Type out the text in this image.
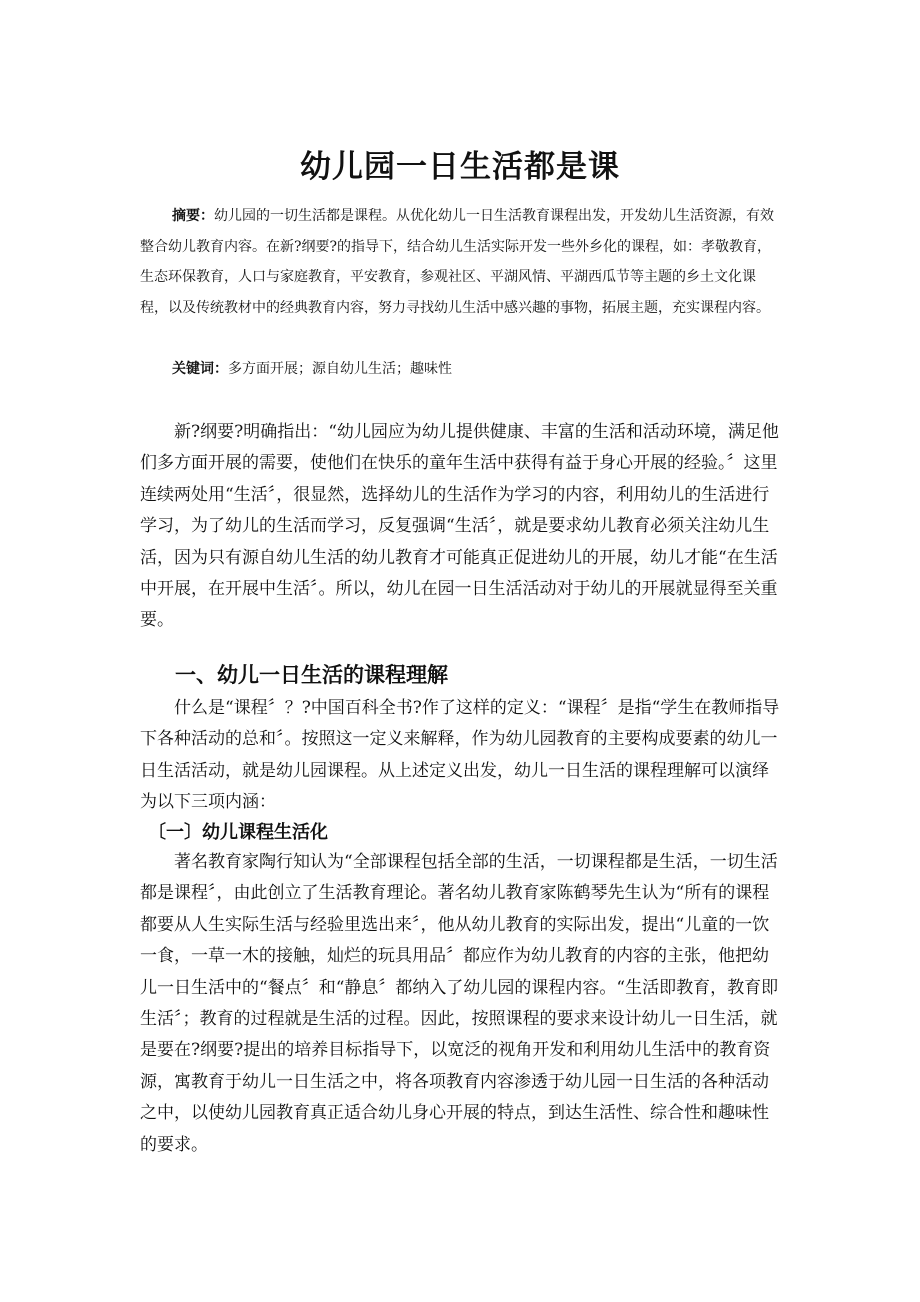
幼儿园一日生活都是课

摘要：幼儿园的一切生活都是课程。从优化幼儿一日生活教育课程出发，开发幼儿生活资源，有效整合幼儿教育内容。在新?纲要?的指导下，结合幼儿生活实际开发一些外乡化的课程，如：孝敬教育，生态环保教育，人口与家庭教育，平安教育，参观社区、平湖风情、平湖西瓜节等主题的乡土文化课程，以及传统教材中的经典教育内容，努力寻找幼儿生活中感兴趣的事物，拓展主题，充实课程内容。

关键词：多方面开展；源自幼儿生活；趣味性

新?纲要?明确指出：“幼儿园应为幼儿提供健康、丰富的生活和活动环境，满足他们多方面开展的需要，使他们在快乐的童年生活中获得有益于身心开展的经验。〞这里连续两处用“生活〞，很显然，选择幼儿的生活作为学习的内容，利用幼儿的生活进行学习，为了幼儿的生活而学习，反复强调“生活〞，就是要求幼儿教育必须关注幼儿生活，因为只有源自幼儿生活的幼儿教育才可能真正促进幼儿的开展，幼儿才能“在生活中开展，在开展中生活〞。所以，幼儿在园一日生活活动对于幼儿的开展就显得至关重要。

一、幼儿一日生活的课程理解

什么是“课程〞？?中国百科全书?作了这样的定义：“课程〞是指“学生在教师指导下各种活动的总和〞。按照这一定义来解释，作为幼儿园教育的主要构成要素的幼儿一日生活活动，就是幼儿园课程。从上述定义出发，幼儿一日生活的课程理解可以演绎为以下三项内涵：

〔一〕幼儿课程生活化

著名教育家陶行知认为“全部课程包括全部的生活，一切课程都是生活，一切生活都是课程〞，由此创立了生活教育理论。著名幼儿教育家陈鹤琴先生认为“所有的课程都要从人生实际生活与经验里选出来〞，他从幼儿教育的实际出发，提出“儿童的一饮一食，一草一木的接触，灿烂的玩具用品〞都应作为幼儿教育的内容的主张，他把幼儿一日生活中的“餐点〞和“静息〞都纳入了幼儿园的课程内容。“生活即教育，教育即生活〞；教育的过程就是生活的过程。因此，按照课程的要求来设计幼儿一日生活，就是要在?纲要?提出的培养目标指导下，以宽泛的视角开发和利用幼儿生活中的教育资源，寓教育于幼儿一日生活之中，将各项教育内容渗透于幼儿园一日生活的各种活动之中，以使幼儿园教育真正适合幼儿身心开展的特点，到达生活性、综合性和趣味性的要求。
